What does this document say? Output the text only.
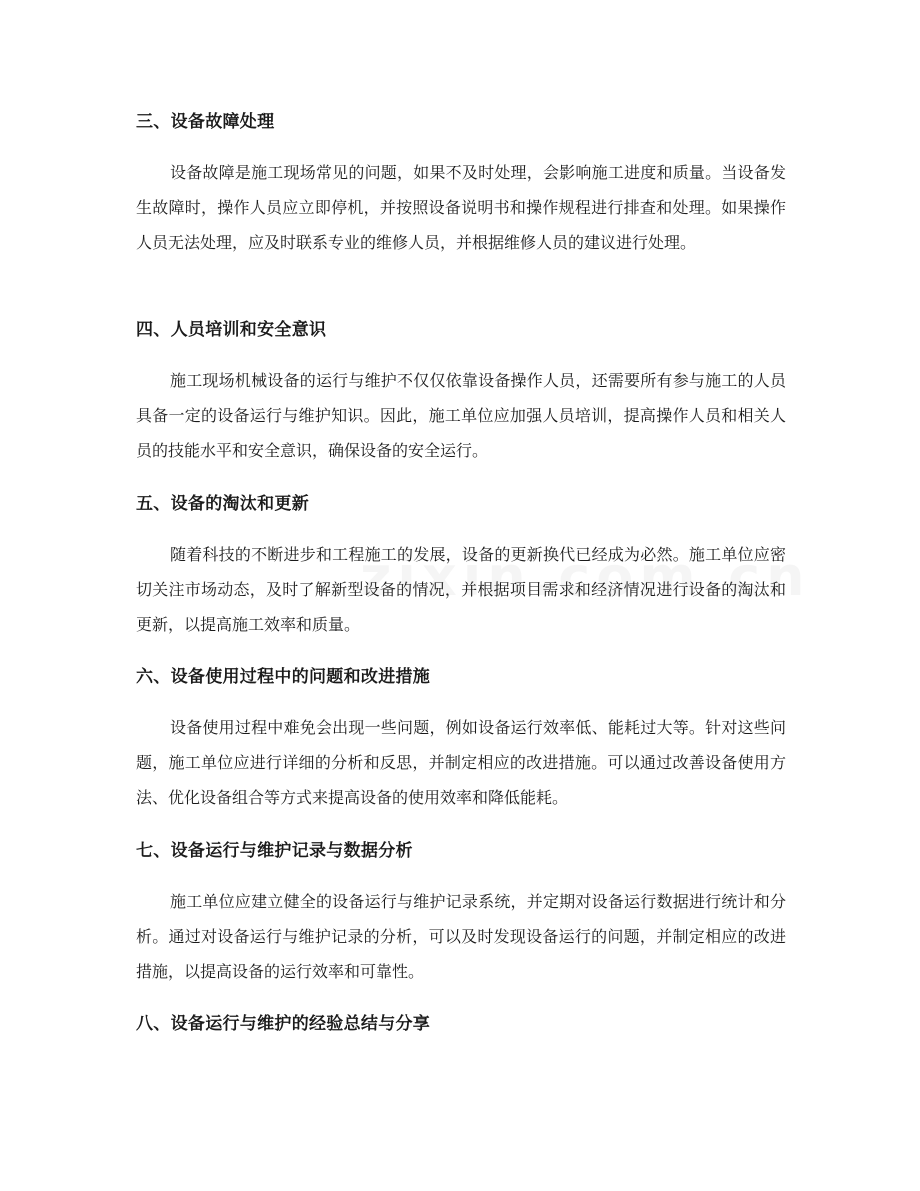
三、设备故障处理

设备故障是施工现场常见的问题，如果不及时处理，会影响施工进度和质量。当设备发生故障时，操作人员应立即停机，并按照设备说明书和操作规程进行排查和处理。如果操作人员无法处理，应及时联系专业的维修人员，并根据维修人员的建议进行处理。

四、人员培训和安全意识

施工现场机械设备的运行与维护不仅仅依靠设备操作人员，还需要所有参与施工的人员具备一定的设备运行与维护知识。因此，施工单位应加强人员培训，提高操作人员和相关人员的技能水平和安全意识，确保设备的安全运行。

五、设备的淘汰和更新

随着科技的不断进步和工程施工的发展，设备的更新换代已经成为必然。施工单位应密切关注市场动态，及时了解新型设备的情况，并根据项目需求和经济情况进行设备的淘汰和更新，以提高施工效率和质量。

六、设备使用过程中的问题和改进措施

设备使用过程中难免会出现一些问题，例如设备运行效率低、能耗过大等。针对这些问题，施工单位应进行详细的分析和反思，并制定相应的改进措施。可以通过改善设备使用方法、优化设备组合等方式来提高设备的使用效率和降低能耗。

七、设备运行与维护记录与数据分析

施工单位应建立健全的设备运行与维护记录系统，并定期对设备运行数据进行统计和分析。通过对设备运行与维护记录的分析，可以及时发现设备运行的问题，并制定相应的改进措施，以提高设备的运行效率和可靠性。

八、设备运行与维护的经验总结与分享
